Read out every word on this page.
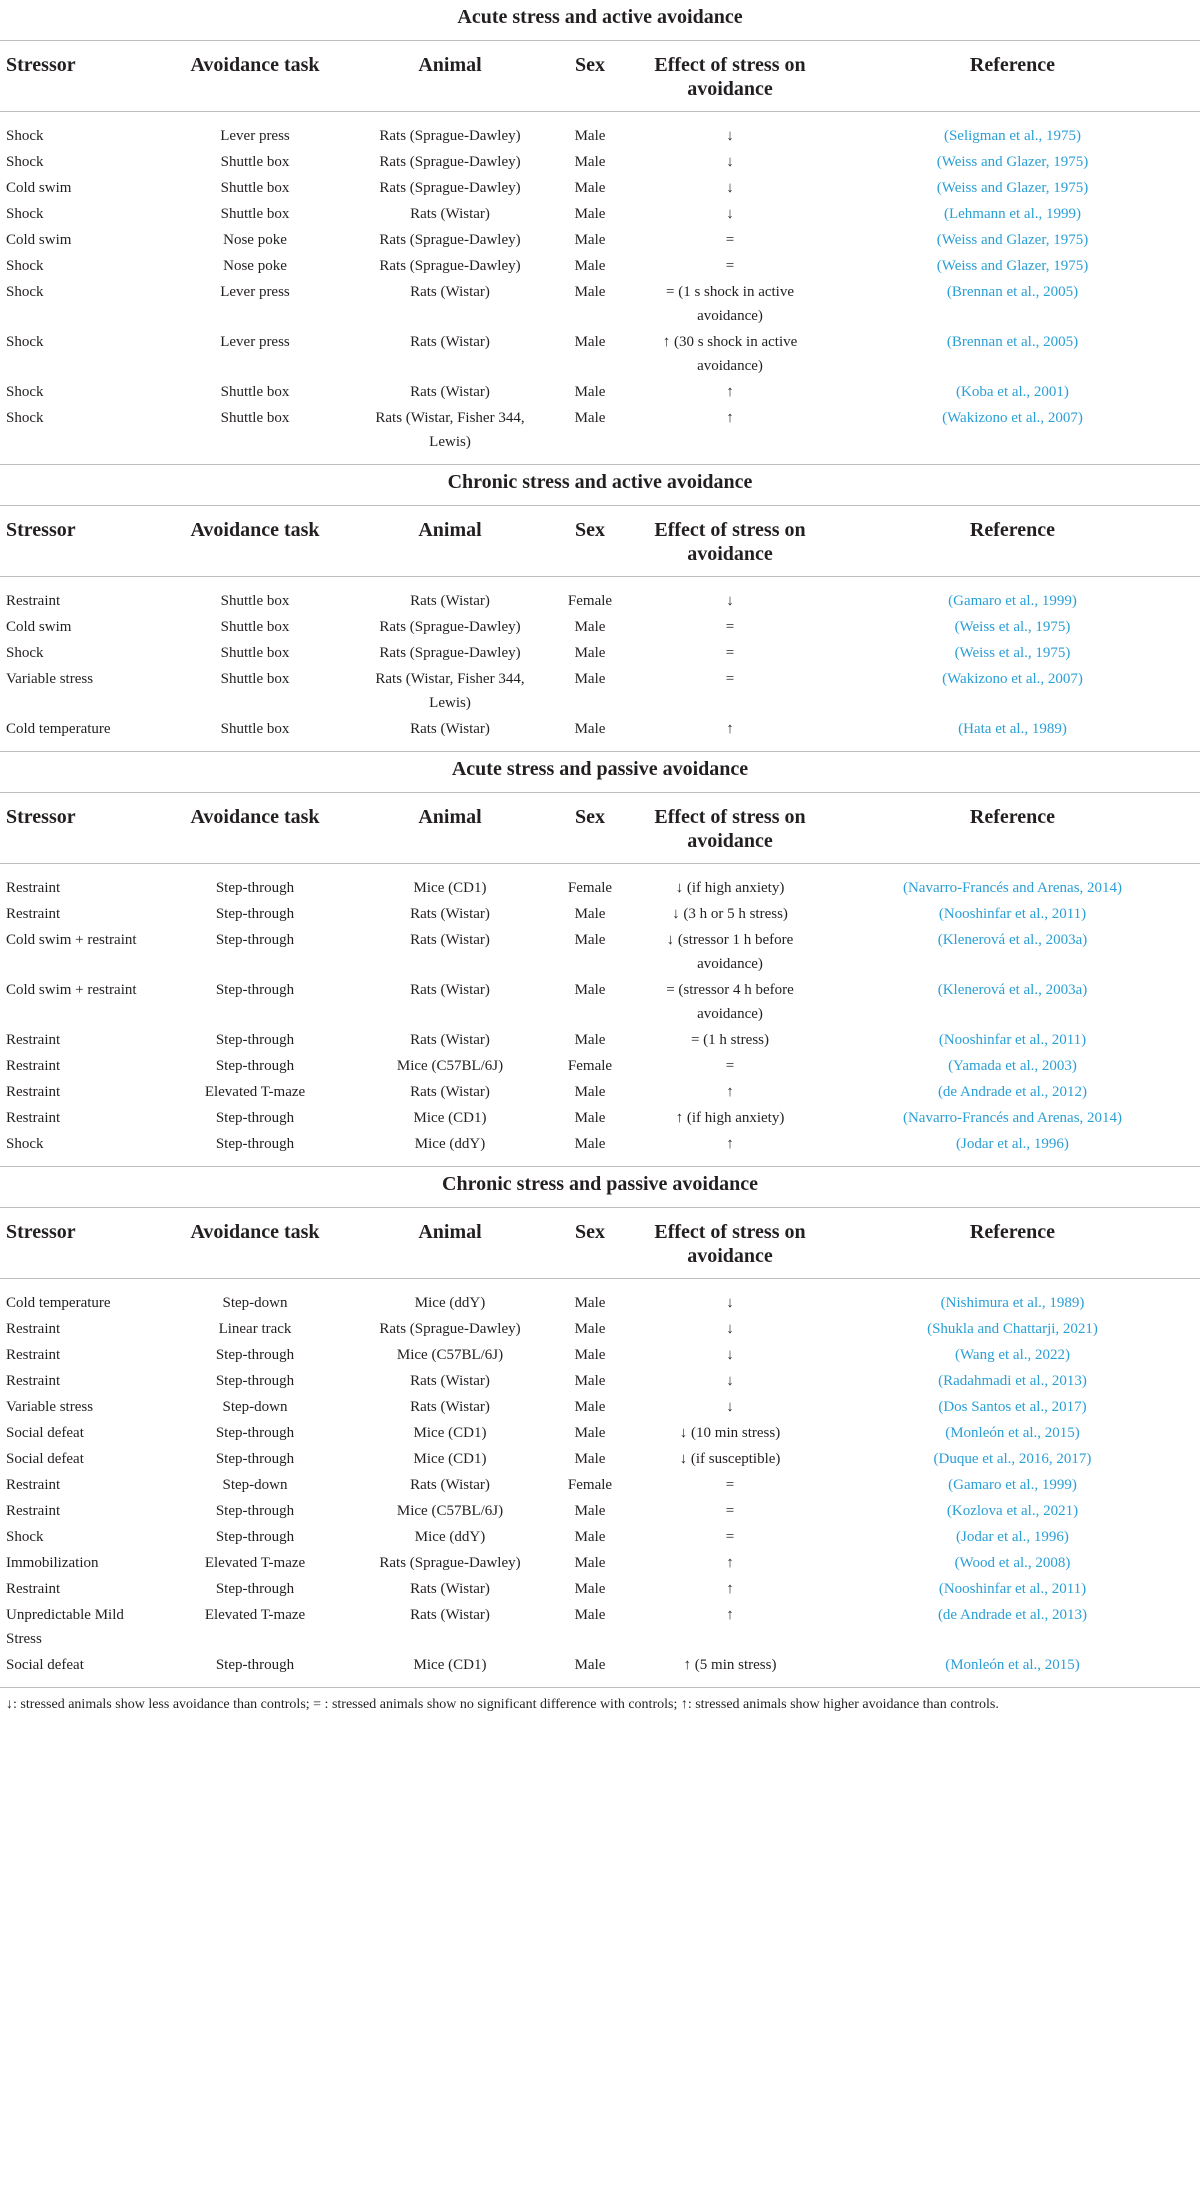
Acute stress and active avoidance
Stressor	Avoidance task	Animal	Sex	Effect of stress on avoidance	Reference
Shock	Lever press	Rats (Sprague-Dawley)	Male	↓	(Seligman et al., 1975)
Shock	Shuttle box	Rats (Sprague-Dawley)	Male	↓	(Weiss and Glazer, 1975)
Cold swim	Shuttle box	Rats (Sprague-Dawley)	Male	↓	(Weiss and Glazer, 1975)
Shock	Shuttle box	Rats (Wistar)	Male	↓	(Lehmann et al., 1999)
Cold swim	Nose poke	Rats (Sprague-Dawley)	Male	=	(Weiss and Glazer, 1975)
Shock	Nose poke	Rats (Sprague-Dawley)	Male	=	(Weiss and Glazer, 1975)
Shock	Lever press	Rats (Wistar)	Male	= (1 s shock in active avoidance)	(Brennan et al., 2005)
Shock	Lever press	Rats (Wistar)	Male	↑ (30 s shock in active avoidance)	(Brennan et al., 2005)
Shock	Shuttle box	Rats (Wistar)	Male	↑	(Koba et al., 2001)
Shock	Shuttle box	Rats (Wistar, Fisher 344, Lewis)	Male	↑	(Wakizono et al., 2007)
Chronic stress and active avoidance
Stressor	Avoidance task	Animal	Sex	Effect of stress on avoidance	Reference
Restraint	Shuttle box	Rats (Wistar)	Female	↓	(Gamaro et al., 1999)
Cold swim	Shuttle box	Rats (Sprague-Dawley)	Male	=	(Weiss et al., 1975)
Shock	Shuttle box	Rats (Sprague-Dawley)	Male	=	(Weiss et al., 1975)
Variable stress	Shuttle box	Rats (Wistar, Fisher 344, Lewis)	Male	=	(Wakizono et al., 2007)
Cold temperature	Shuttle box	Rats (Wistar)	Male	↑	(Hata et al., 1989)
Acute stress and passive avoidance
Stressor	Avoidance task	Animal	Sex	Effect of stress on avoidance	Reference
Restraint	Step-through	Mice (CD1)	Female	↓ (if high anxiety)	(Navarro-Francés and Arenas, 2014)
Restraint	Step-through	Rats (Wistar)	Male	↓ (3 h or 5 h stress)	(Nooshinfar et al., 2011)
Cold swim + restraint	Step-through	Rats (Wistar)	Male	↓ (stressor 1 h before avoidance)	(Klenerová et al., 2003a)
Cold swim + restraint	Step-through	Rats (Wistar)	Male	= (stressor 4 h before avoidance)	(Klenerová et al., 2003a)
Restraint	Step-through	Rats (Wistar)	Male	= (1 h stress)	(Nooshinfar et al., 2011)
Restraint	Step-through	Mice (C57BL/6J)	Female	=	(Yamada et al., 2003)
Restraint	Elevated T-maze	Rats (Wistar)	Male	↑	(de Andrade et al., 2012)
Restraint	Step-through	Mice (CD1)	Male	↑ (if high anxiety)	(Navarro-Francés and Arenas, 2014)
Shock	Step-through	Mice (ddY)	Male	↑	(Jodar et al., 1996)
Chronic stress and passive avoidance
Stressor	Avoidance task	Animal	Sex	Effect of stress on avoidance	Reference
Cold temperature	Step-down	Mice (ddY)	Male	↓	(Nishimura et al., 1989)
Restraint	Linear track	Rats (Sprague-Dawley)	Male	↓	(Shukla and Chattarji, 2021)
Restraint	Step-through	Mice (C57BL/6J)	Male	↓	(Wang et al., 2022)
Restraint	Step-through	Rats (Wistar)	Male	↓	(Radahmadi et al., 2013)
Variable stress	Step-down	Rats (Wistar)	Male	↓	(Dos Santos et al., 2017)
Social defeat	Step-through	Mice (CD1)	Male	↓ (10 min stress)	(Monleón et al., 2015)
Social defeat	Step-through	Mice (CD1)	Male	↓ (if susceptible)	(Duque et al., 2016, 2017)
Restraint	Step-down	Rats (Wistar)	Female	=	(Gamaro et al., 1999)
Restraint	Step-through	Mice (C57BL/6J)	Male	=	(Kozlova et al., 2021)
Shock	Step-through	Mice (ddY)	Male	=	(Jodar et al., 1996)
Immobilization	Elevated T-maze	Rats (Sprague-Dawley)	Male	↑	(Wood et al., 2008)
Restraint	Step-through	Rats (Wistar)	Male	↑	(Nooshinfar et al., 2011)
Unpredictable Mild Stress	Elevated T-maze	Rats (Wistar)	Male	↑	(de Andrade et al., 2013)
Social defeat	Step-through	Mice (CD1)	Male	↑ (5 min stress)	(Monleón et al., 2015)
↓: stressed animals show less avoidance than controls; = : stressed animals show no significant difference with controls; ↑: stressed animals show higher avoidance than controls.
